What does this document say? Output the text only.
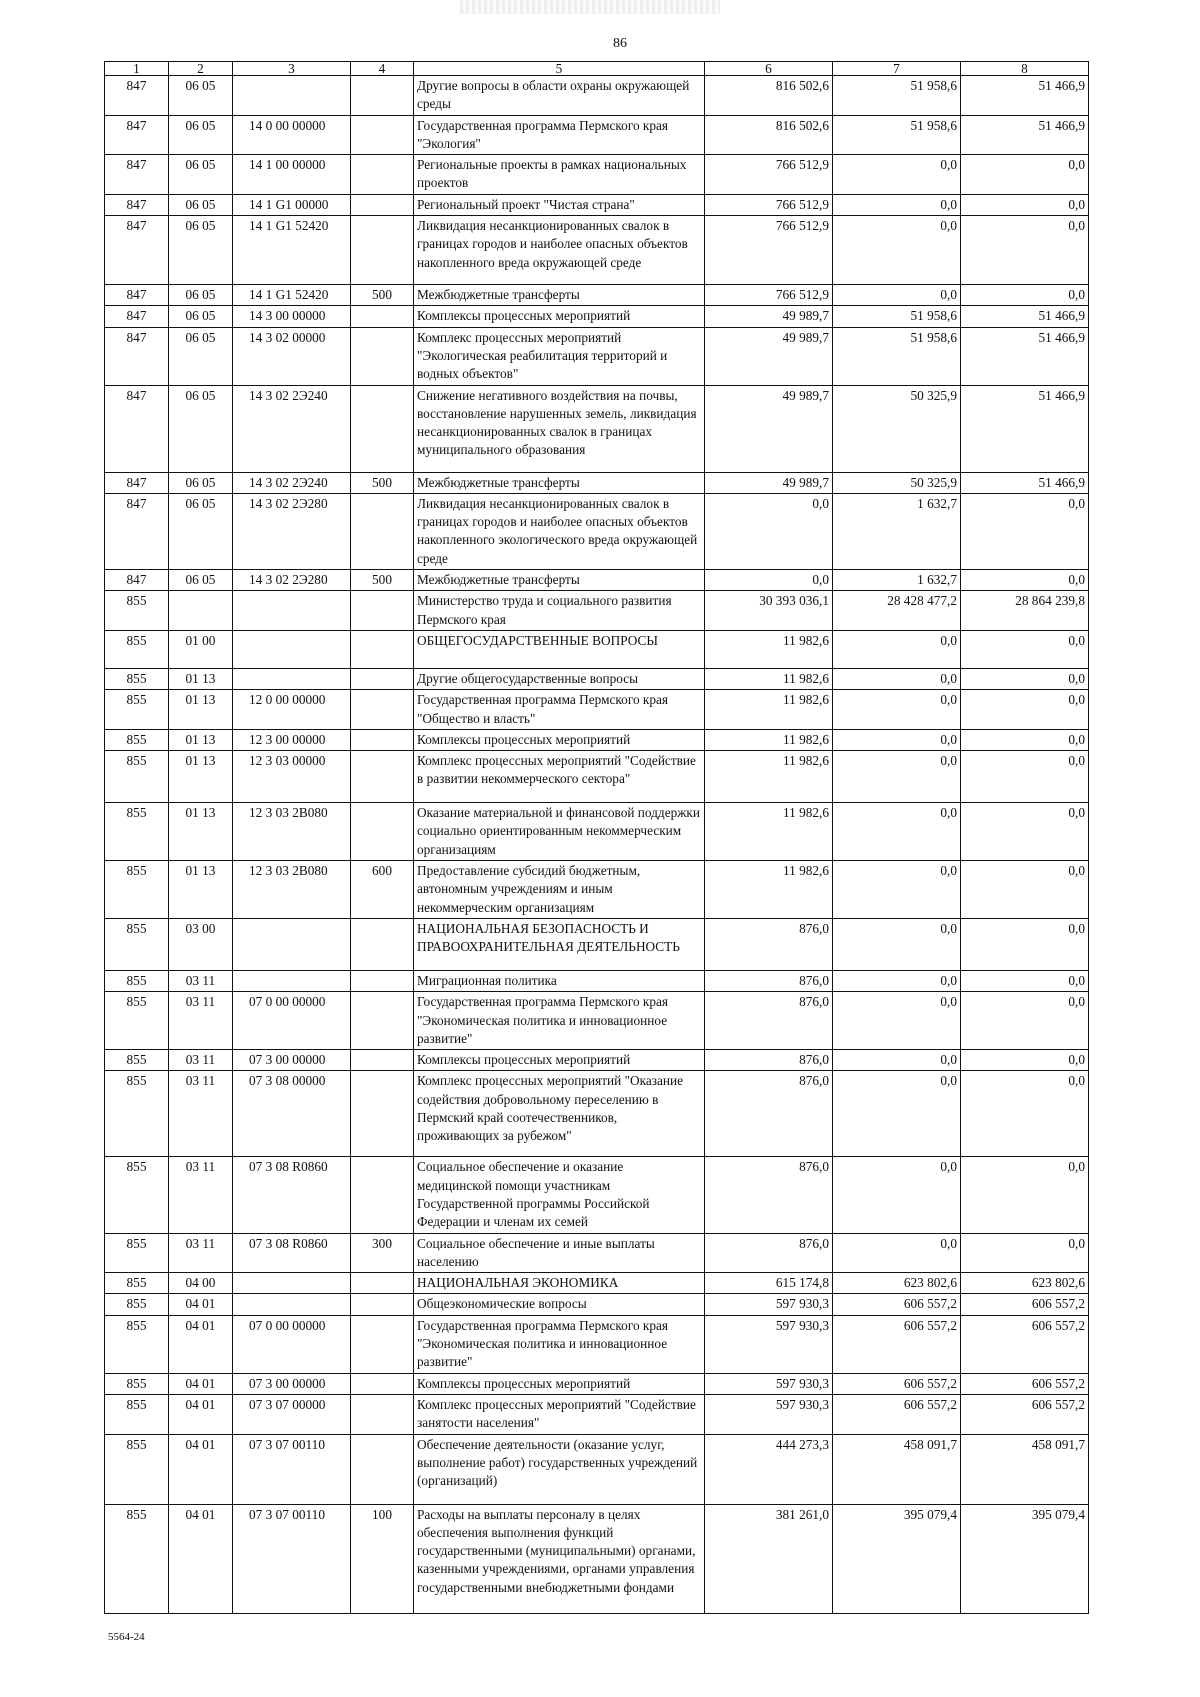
86
1	2	3	4	5	6	7	8
847	06 05			Другие вопросы в области охраны окружающей среды	816 502,6	51 958,6	51 466,9
847	06 05	14 0 00 00000		Государственная программа Пермского края "Экология"	816 502,6	51 958,6	51 466,9
847	06 05	14 1 00 00000		Региональные проекты в рамках национальных проектов	766 512,9	0,0	0,0
847	06 05	14 1 G1 00000		Региональный проект "Чистая страна"	766 512,9	0,0	0,0
847	06 05	14 1 G1 52420		Ликвидация несанкционированных свалок в границах городов и наиболее опасных объектов накопленного вреда окружающей среде	766 512,9	0,0	0,0
847	06 05	14 1 G1 52420	500	Межбюджетные трансферты	766 512,9	0,0	0,0
847	06 05	14 3 00 00000		Комплексы процессных мероприятий	49 989,7	51 958,6	51 466,9
847	06 05	14 3 02 00000		Комплекс процессных мероприятий "Экологическая реабилитация территорий и водных объектов"	49 989,7	51 958,6	51 466,9
847	06 05	14 3 02 2Э240		Снижение негативного воздействия на почвы, восстановление нарушенных земель, ликвидация несанкционированных свалок в границах муниципального образования	49 989,7	50 325,9	51 466,9
847	06 05	14 3 02 2Э240	500	Межбюджетные трансферты	49 989,7	50 325,9	51 466,9
847	06 05	14 3 02 2Э280		Ликвидация несанкционированных свалок в границах городов и наиболее опасных объектов накопленного экологического вреда окружающей среде	0,0	1 632,7	0,0
847	06 05	14 3 02 2Э280	500	Межбюджетные трансферты	0,0	1 632,7	0,0
855				Министерство труда и социального развития Пермского края	30 393 036,1	28 428 477,2	28 864 239,8
855	01 00			ОБЩЕГОСУДАРСТВЕННЫЕ ВОПРОСЫ	11 982,6	0,0	0,0
855	01 13			Другие общегосударственные вопросы	11 982,6	0,0	0,0
855	01 13	12 0 00 00000		Государственная программа Пермского края "Общество и власть"	11 982,6	0,0	0,0
855	01 13	12 3 00 00000		Комплексы процессных мероприятий	11 982,6	0,0	0,0
855	01 13	12 3 03 00000		Комплекс процессных мероприятий "Содействие в развитии некоммерческого сектора"	11 982,6	0,0	0,0
855	01 13	12 3 03 2В080		Оказание материальной и финансовой поддержки социально ориентированным некоммерческим организациям	11 982,6	0,0	0,0
855	01 13	12 3 03 2В080	600	Предоставление субсидий бюджетным, автономным учреждениям и иным некоммерческим организациям	11 982,6	0,0	0,0
855	03 00			НАЦИОНАЛЬНАЯ БЕЗОПАСНОСТЬ И ПРАВООХРАНИТЕЛЬНАЯ ДЕЯТЕЛЬНОСТЬ	876,0	0,0	0,0
855	03 11			Миграционная политика	876,0	0,0	0,0
855	03 11	07 0 00 00000		Государственная программа Пермского края "Экономическая политика и инновационное развитие"	876,0	0,0	0,0
855	03 11	07 3 00 00000		Комплексы процессных мероприятий	876,0	0,0	0,0
855	03 11	07 3 08 00000		Комплекс процессных мероприятий "Оказание содействия добровольному переселению в Пермский край соотечественников, проживающих за рубежом"	876,0	0,0	0,0
855	03 11	07 3 08 R0860		Социальное обеспечение и оказание медицинской помощи участникам Государственной программы Российской Федерации и членам их семей	876,0	0,0	0,0
855	03 11	07 3 08 R0860	300	Социальное обеспечение и иные выплаты населению	876,0	0,0	0,0
855	04 00			НАЦИОНАЛЬНАЯ ЭКОНОМИКА	615 174,8	623 802,6	623 802,6
855	04 01			Общеэкономические вопросы	597 930,3	606 557,2	606 557,2
855	04 01	07 0 00 00000		Государственная программа Пермского края "Экономическая политика и инновационное развитие"	597 930,3	606 557,2	606 557,2
855	04 01	07 3 00 00000		Комплексы процессных мероприятий	597 930,3	606 557,2	606 557,2
855	04 01	07 3 07 00000		Комплекс процессных мероприятий "Содействие занятости населения"	597 930,3	606 557,2	606 557,2
855	04 01	07 3 07 00110		Обеспечение деятельности (оказание услуг, выполнение работ) государственных учреждений (организаций)	444 273,3	458 091,7	458 091,7
855	04 01	07 3 07 00110	100	Расходы на выплаты персоналу в целях обеспечения выполнения функций государственными (муниципальными) органами, казенными учреждениями, органами управления государственными внебюджетными фондами	381 261,0	395 079,4	395 079,4
5564-24
